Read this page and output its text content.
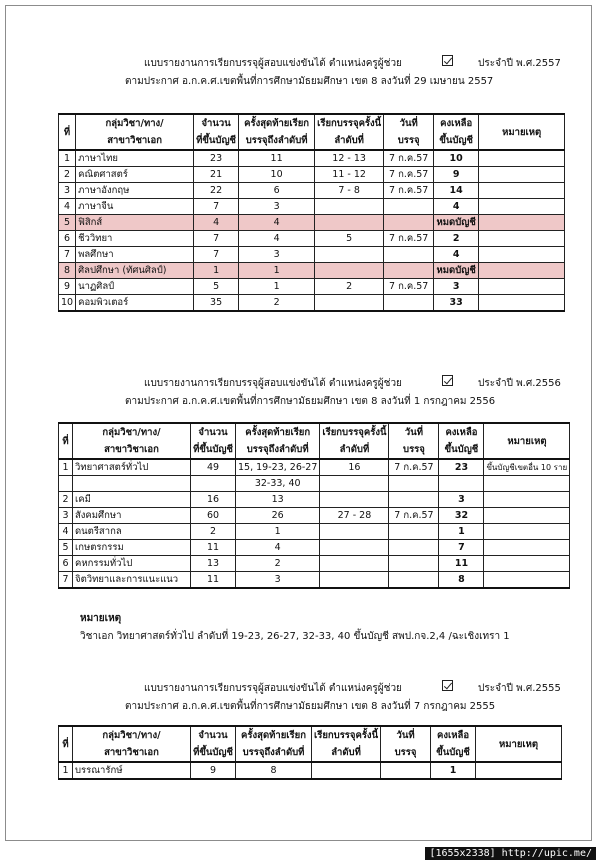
แบบรายงานการเรียกบรรจุผู้สอบแข่งขันได้ ตำแหน่งครูผู้ช่วย	ประจำปี พ.ศ.2557
ตามประกาศ อ.ก.ค.ศ.เขตพื้นที่การศึกษามัธยมศึกษา เขต 8 ลงวันที่ 29 เมษายน 2557
ที่	กลุ่มวิชา/ทาง/	จำนวน	ครั้งสุดท้ายเรียก	เรียกบรรจุครั้งนี้	วันที่	คงเหลือ	หมายเหตุ
	สาขาวิชาเอก	ที่ขึ้นบัญชี	บรรจุถึงลำดับที่	ลำดับที่	บรรจุ	ขึ้นบัญชี	
1	ภาษาไทย	23	11	12 - 13	7 ก.ค.57	10	
2	คณิตศาสตร์	21	10	11 - 12	7 ก.ค.57	9	
3	ภาษาอังกฤษ	22	6	7 - 8	7 ก.ค.57	14	
4	ภาษาจีน	7	3			4	
5	ฟิสิกส์	4	4			หมดบัญชี	
6	ชีววิทยา	7	4	5	7 ก.ค.57	2	
7	พลศึกษา	7	3			4	
8	ศิลปศึกษา (ทัศนศิลป์)	1	1			หมดบัญชี	
9	นาฏศิลป์	5	1	2	7 ก.ค.57	3	
10	คอมพิวเตอร์	35	2			33	
แบบรายงานการเรียกบรรจุผู้สอบแข่งขันได้ ตำแหน่งครูผู้ช่วย	ประจำปี พ.ศ.2556
ตามประกาศ อ.ก.ค.ศ.เขตพื้นที่การศึกษามัธยมศึกษา เขต 8 ลงวันที่ 1 กรกฎาคม 2556
ที่	กลุ่มวิชา/ทาง/	จำนวน	ครั้งสุดท้ายเรียก	เรียกบรรจุครั้งนี้	วันที่	คงเหลือ	หมายเหตุ
	สาขาวิชาเอก	ที่ขึ้นบัญชี	บรรจุถึงลำดับที่	ลำดับที่	บรรจุ	ขึ้นบัญชี	
1	วิทยาศาสตร์ทั่วไป	49	15, 19-23, 26-27	16	7 ก.ค.57	23	ขึ้นบัญชีเขตอื่น 10 ราย
			32-33, 40				
2	เคมี	16	13			3	
3	สังคมศึกษา	60	26	27 - 28	7 ก.ค.57	32	
4	ดนตรีสากล	2	1			1	
5	เกษตรกรรม	11	4			7	
6	คหกรรมทั่วไป	13	2			11	
7	จิตวิทยาและการแนะแนว	11	3			8	
หมายเหตุ
วิชาเอก วิทยาศาสตร์ทั่วไป ลำดับที่ 19-23, 26-27, 32-33, 40 ขึ้นบัญชี สพป.กจ.2,4 /ฉะเชิงเทรา 1
แบบรายงานการเรียกบรรจุผู้สอบแข่งขันได้ ตำแหน่งครูผู้ช่วย	ประจำปี พ.ศ.2555
ตามประกาศ อ.ก.ค.ศ.เขตพื้นที่การศึกษามัธยมศึกษา เขต 8 ลงวันที่ 7 กรกฎาคม 2555
ที่	กลุ่มวิชา/ทาง/	จำนวน	ครั้งสุดท้ายเรียก	เรียกบรรจุครั้งนี้	วันที่	คงเหลือ	หมายเหตุ
	สาขาวิชาเอก	ที่ขึ้นบัญชี	บรรจุถึงลำดับที่	ลำดับที่	บรรจุ	ขึ้นบัญชี	
1	บรรณารักษ์	9	8			1	
[1655x2338] http://upic.me/
